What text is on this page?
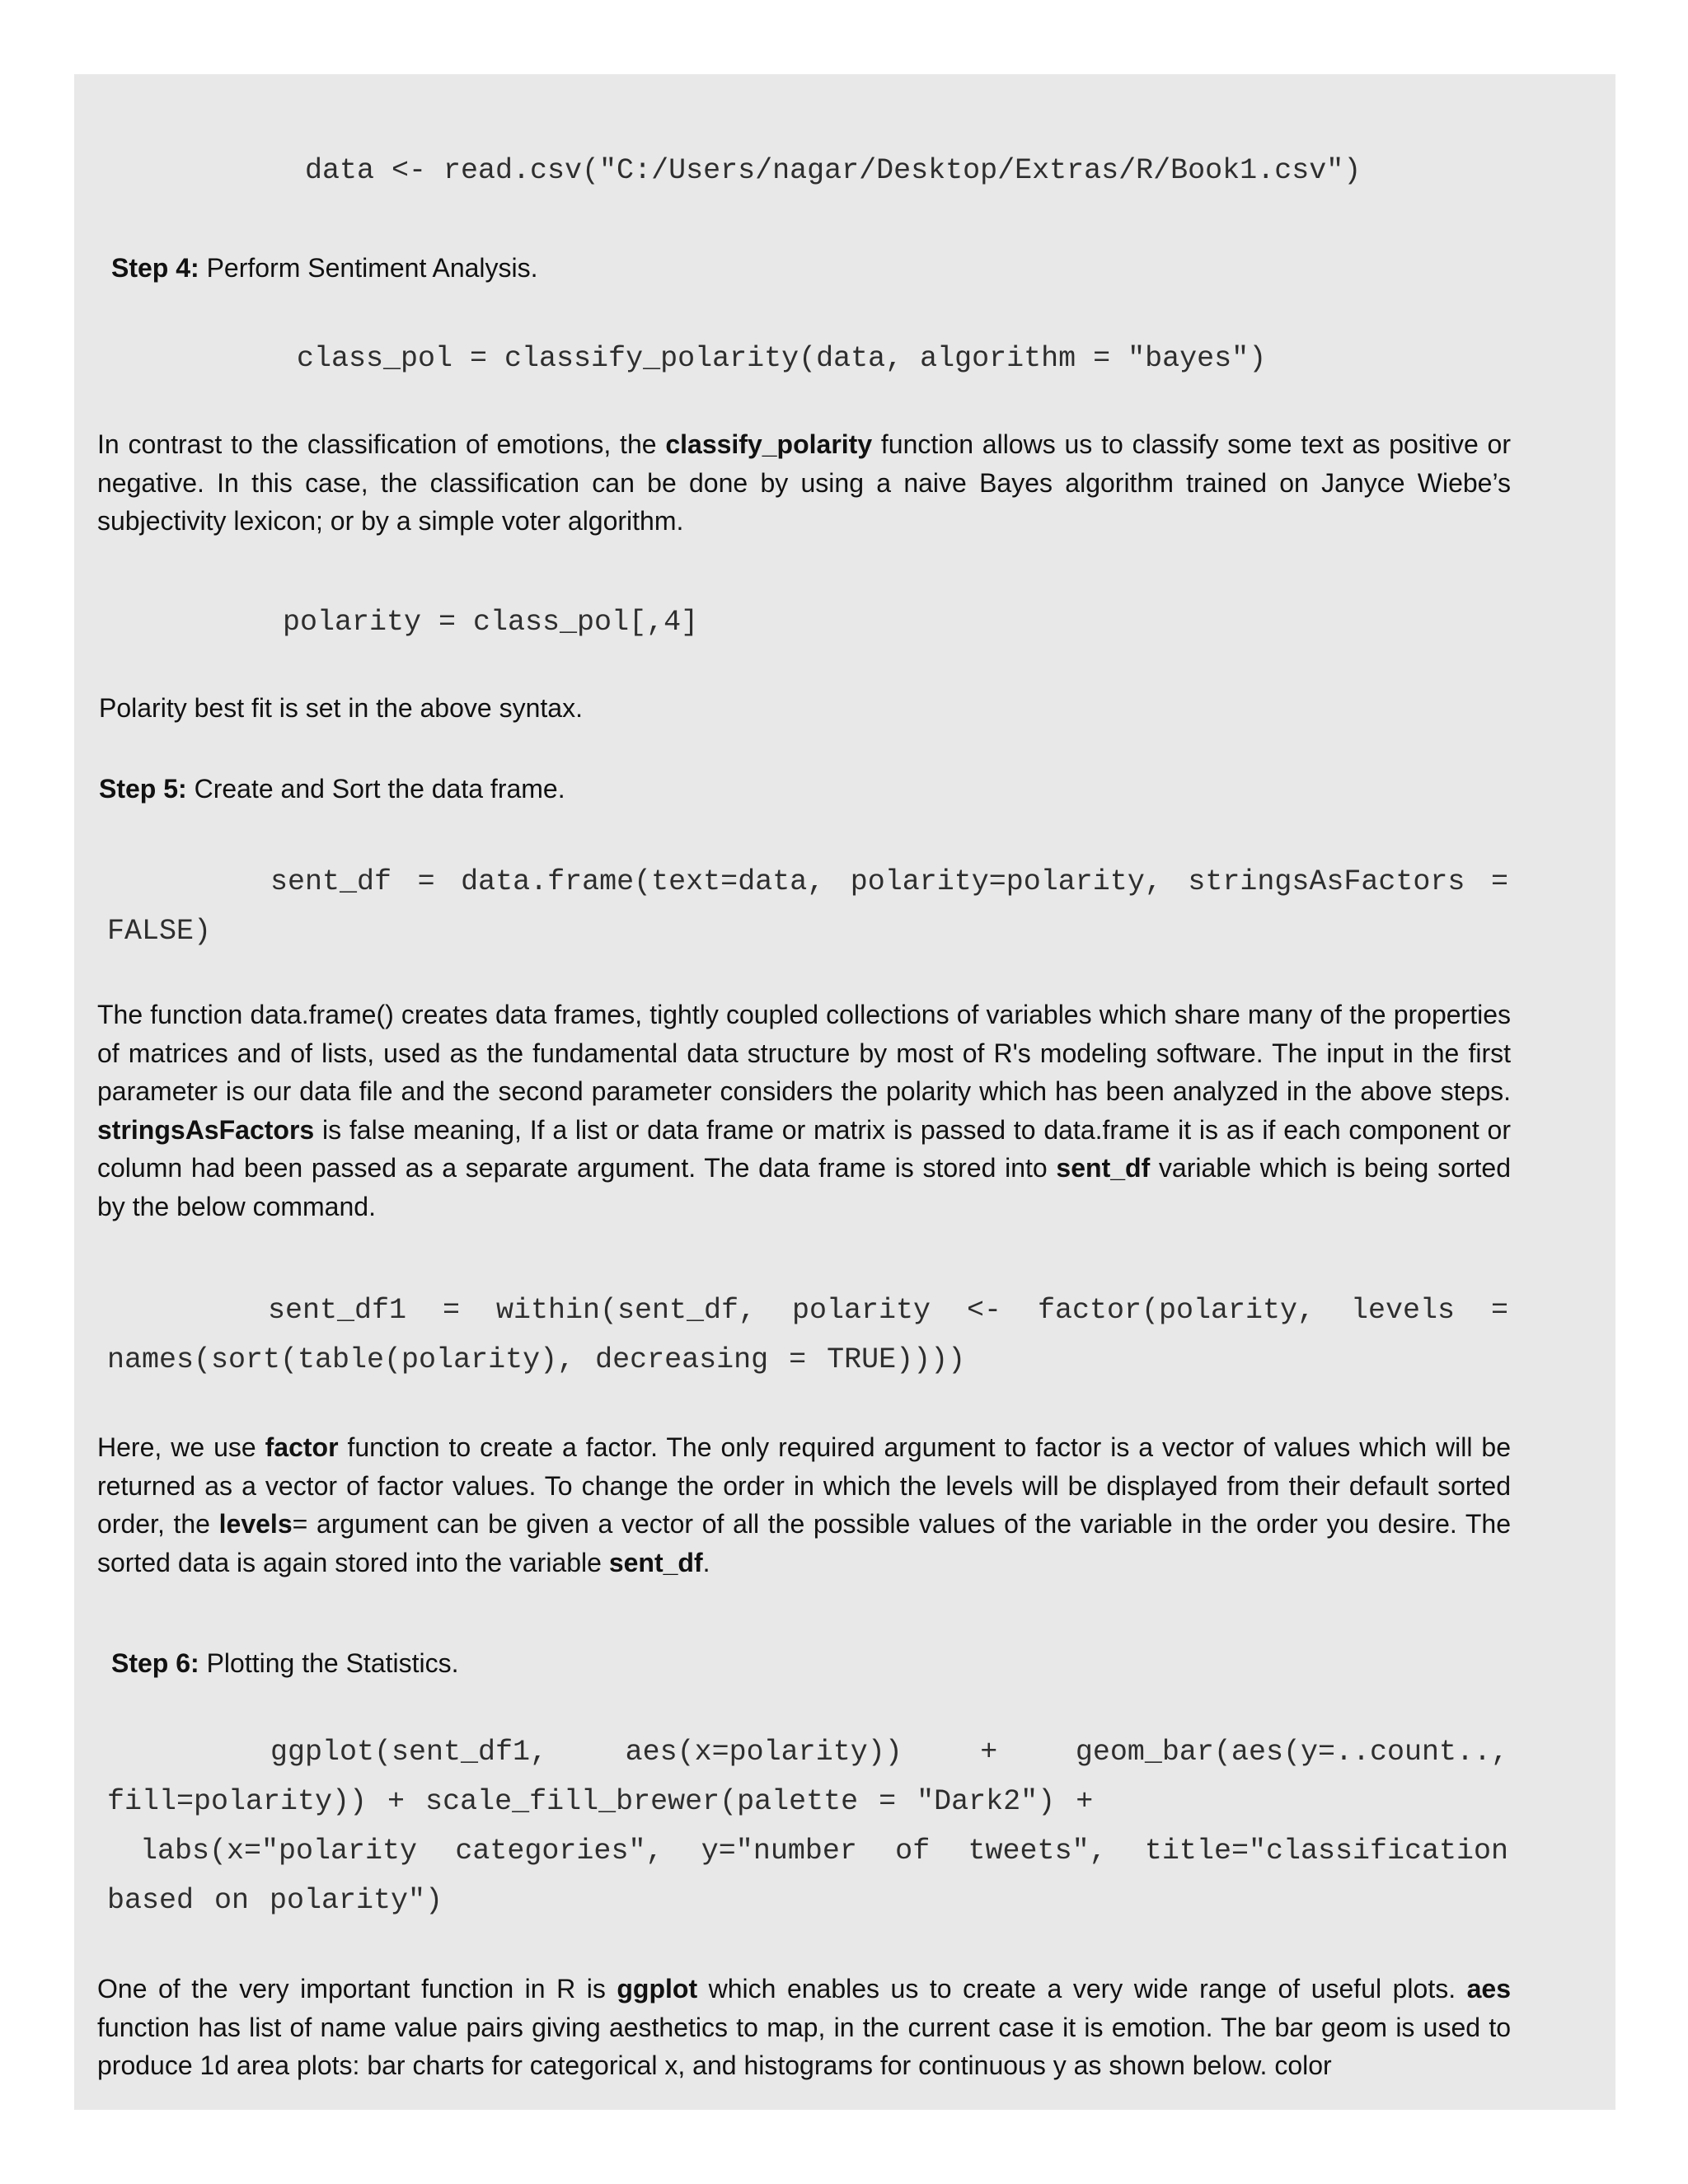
data <- read.csv("C:/Users/nagar/Desktop/Extras/R/Book1.csv")

Step 4: Perform Sentiment Analysis.

class_pol = classify_polarity(data, algorithm = "bayes")

In contrast to the classification of emotions, the classify_polarity function allows us to classify some text as positive or negative. In this case, the classification can be done by using a naive Bayes algorithm trained on Janyce Wiebe’s subjectivity lexicon; or by a simple voter algorithm.

polarity = class_pol[,4]

Polarity best fit is set in the above syntax.

Step 5: Create and Sort the data frame.

sent_df = data.frame(text=data, polarity=polarity, stringsAsFactors = FALSE)

The function data.frame() creates data frames, tightly coupled collections of variables which share many of the properties of matrices and of lists, used as the fundamental data structure by most of R's modeling software. The input in the first parameter is our data file and the second parameter considers the polarity which has been analyzed in the above steps. stringsAsFactors is false meaning, If a list or data frame or matrix is passed to data.frame it is as if each component or column had been passed as a separate argument. The data frame is stored into sent_df variable which is being sorted by the below command.

sent_df1 = within(sent_df, polarity <- factor(polarity, levels = names(sort(table(polarity), decreasing = TRUE))))

Here, we use factor function to create a factor. The only required argument to factor is a vector of values which will be returned as a vector of factor values. To change the order in which the levels will be displayed from their default sorted order, the levels= argument can be given a vector of all the possible values of the variable in the order you desire. The sorted data is again stored into the variable sent_df.

Step 6: Plotting the Statistics.

ggplot(sent_df1, aes(x=polarity)) + geom_bar(aes(y=..count.., fill=polarity)) + scale_fill_brewer(palette = "Dark2") +

labs(x="polarity categories", y="number of tweets", title="classification based on polarity")

One of the very important function in R is ggplot which enables us to create a very wide range of useful plots. aes function has list of name value pairs giving aesthetics to map, in the current case it is emotion. The bar geom is used to produce 1d area plots: bar charts for categorical x, and histograms for continuous y as shown below. color
